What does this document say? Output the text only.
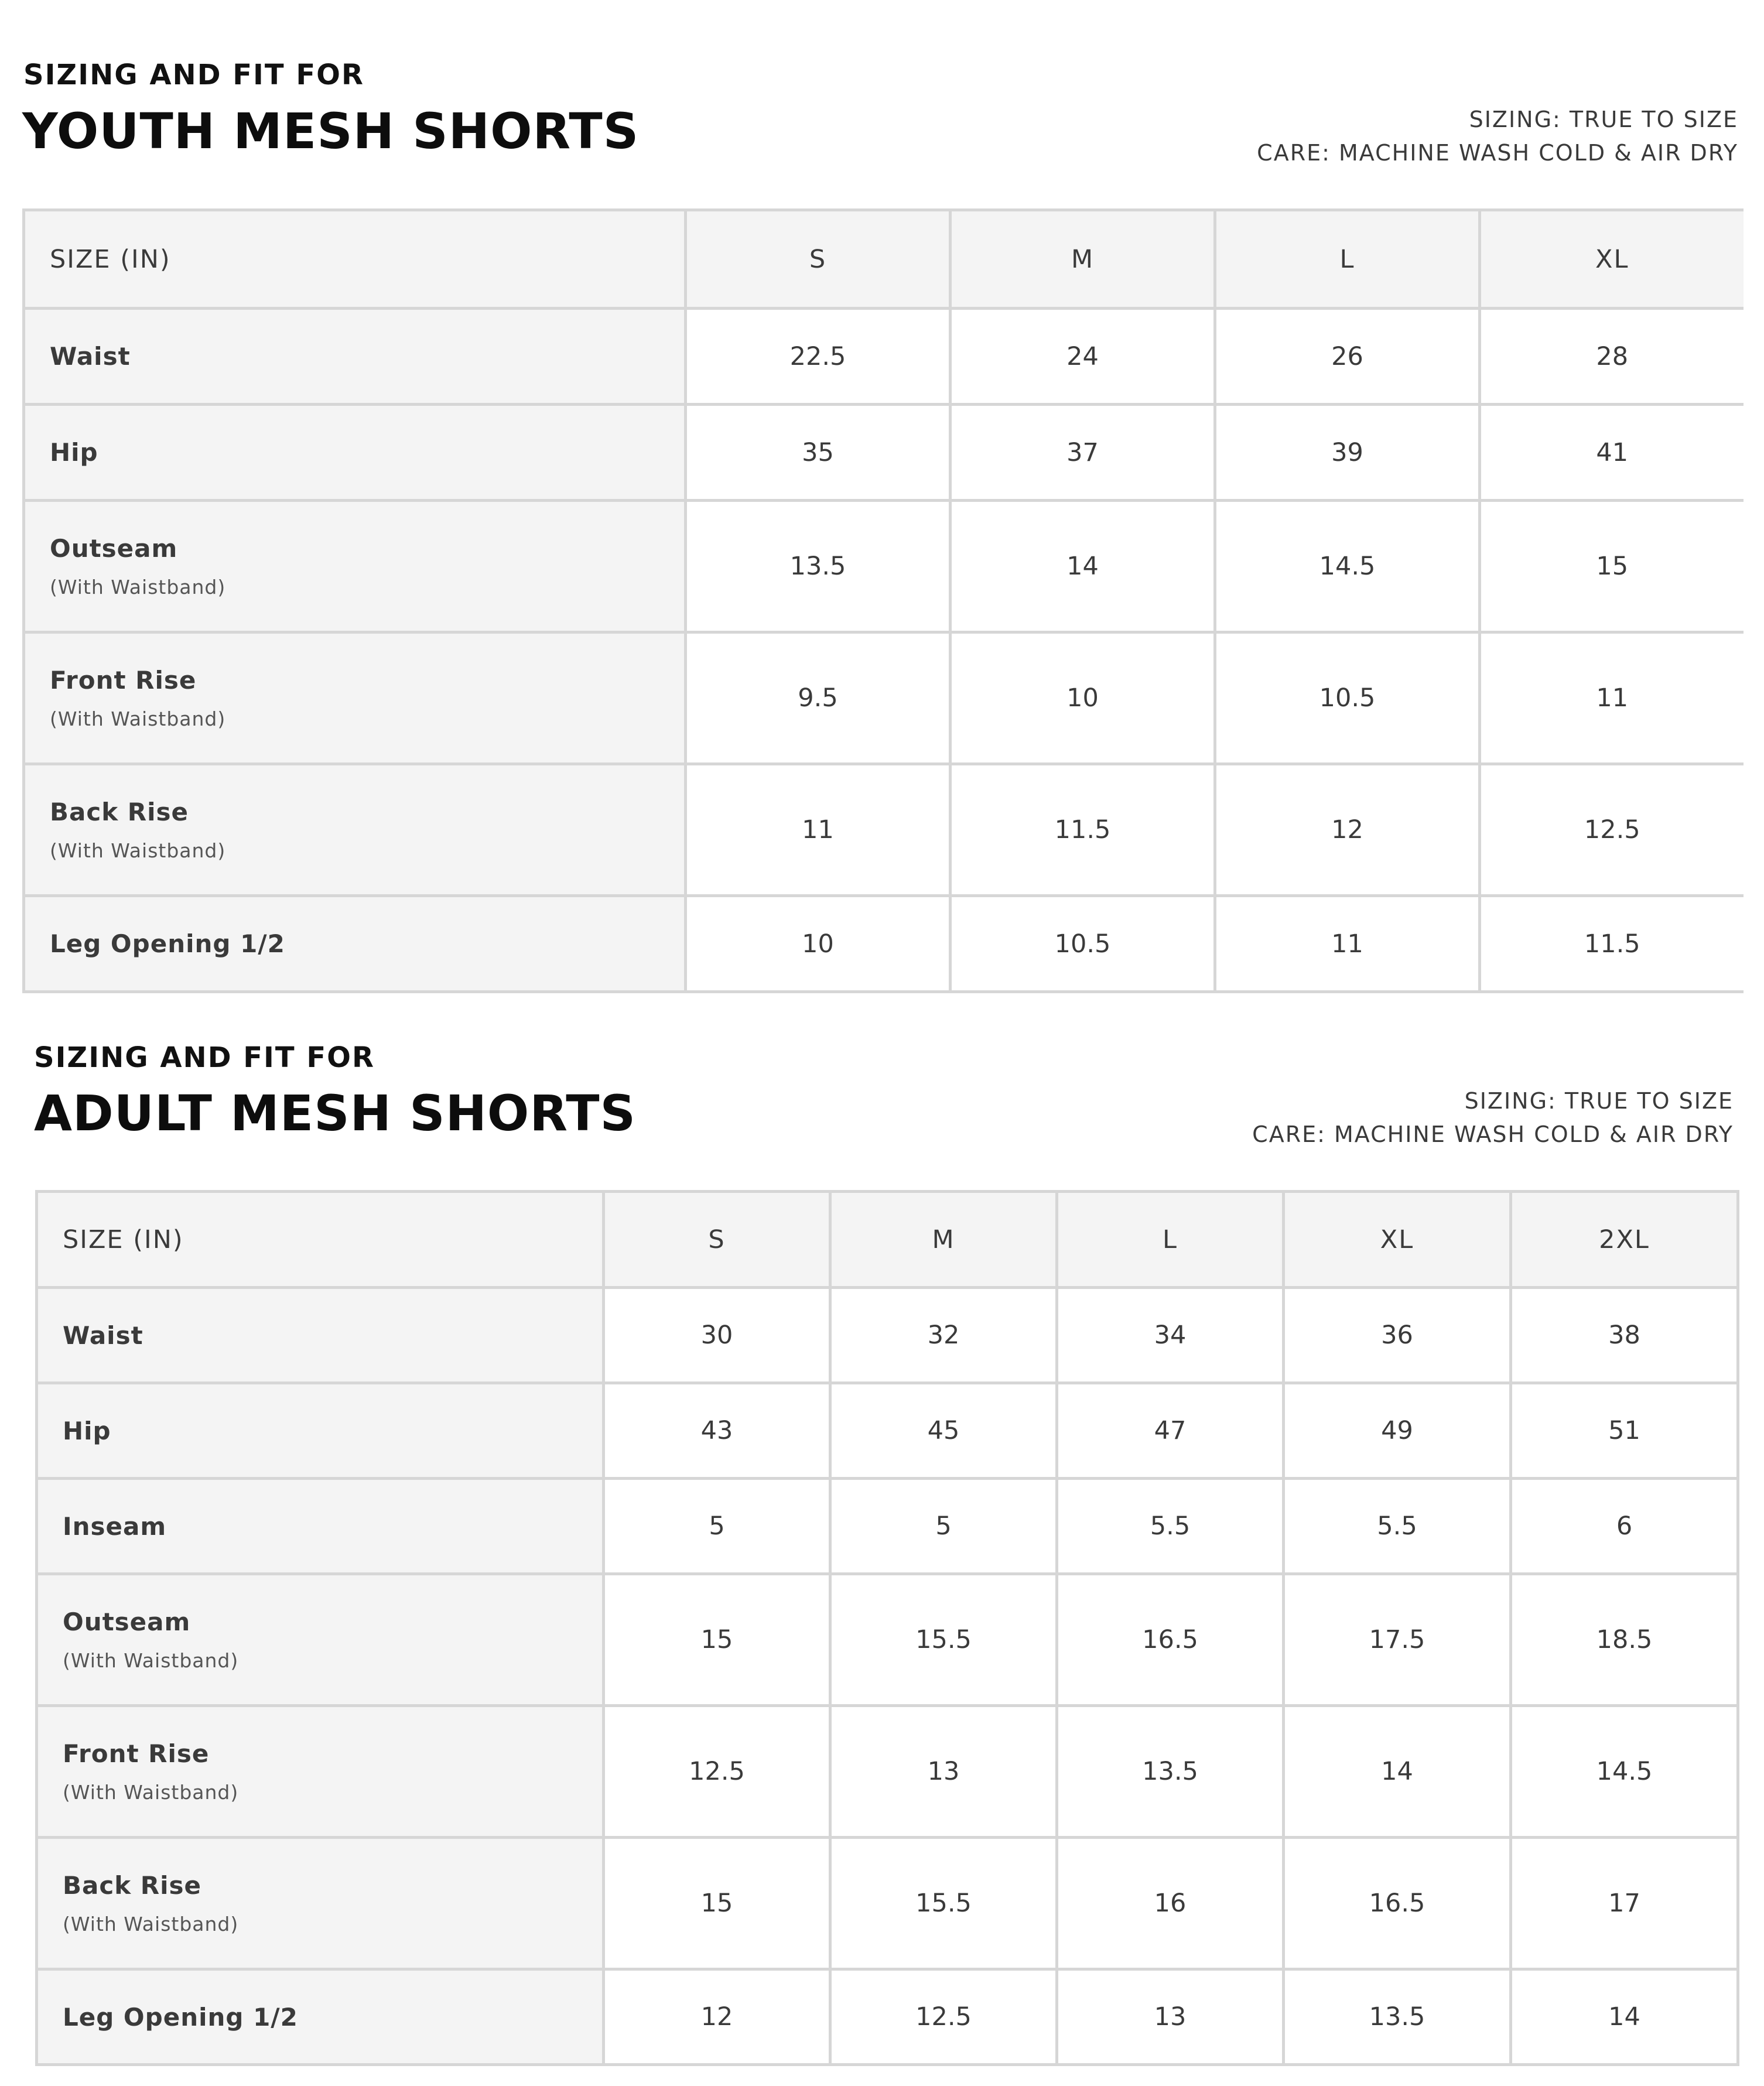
SIZING AND FIT FOR
YOUTH MESH SHORTS	SIZING: TRUE TO SIZE
CARE: MACHINE WASH COLD & AIR DRY
SIZE (IN)	S	M	L	XL

Waist	22.5	24	26	28

Hip	35	37	39	41

Outseam
(With Waistband)	13.5	14	14.5	15

Front Rise
(With Waistband)	9.5	10	10.5	11

Back Rise
(With Waistband)	11	11.5	12	12.5

Leg Opening 1/2	10	10.5	11	11.5
SIZING AND FIT FOR
ADULT MESH SHORTS	SIZING: TRUE TO SIZE
CARE: MACHINE WASH COLD & AIR DRY
SIZE (IN)	S	M	L	XL	2XL

Waist	30	32	34	36	38

Hip	43	45	47	49	51

Inseam	5	5	5.5	5.5	6

Outseam
(With Waistband)	15	15.5	16.5	17.5	18.5

Front Rise
(With Waistband)	12.5	13	13.5	14	14.5

Back Rise
(With Waistband)	15	15.5	16	16.5	17

Leg Opening 1/2	12	12.5	13	13.5	14
